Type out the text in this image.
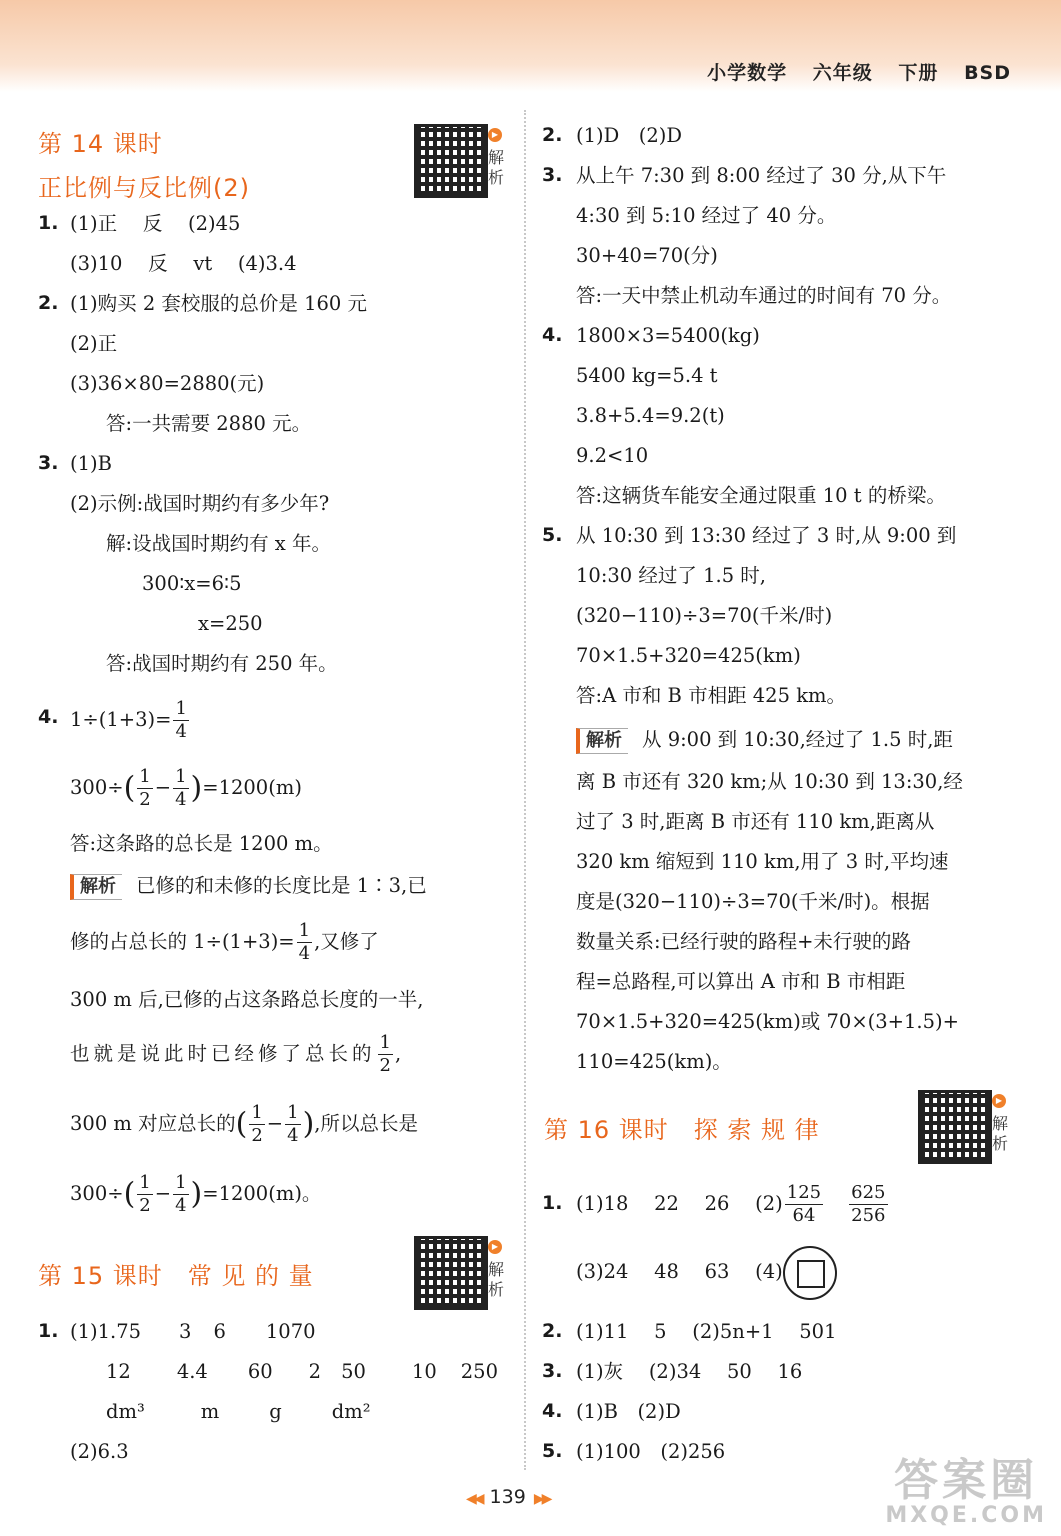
小学数学 六年级 下册 BSD
第 14 课时
正比例与反比例(2)
▶
解析
1. (1)正　 反　 (2)45
(3)10　 反　 vt　 (4)3.4
2. (1)购买 2 套校服的总价是 160 元
(2)正
(3)36×80=2880(元)
答:一共需要 2880 元。
3. (1)B
(2)示例:战国时期约有多少年?
解:设战国时期约有 x 年。
300∶x=6∶5
x=250
答:战国时期约有 250 年。
4. $1\div(1+3)= \frac{1}{4}$
$300\div( \frac{1}{2} - \frac{1}{4} )=1200(m)$
答:这条路的总长是 1200 m。
解析 已修的和未修的长度比是 1∶3,已
修的占总长的 $1\div(1+3)= \frac{1}{4}$ ,又修了
300 m 后,已修的占这条路总长度的一半,
也就是说此时已经修了总长的 $\frac{1}{2}$ ,
300 m 对应总长的( $\frac{1}{2} - \frac{1}{4}$ ),所以总长是
$300\div( \frac{1}{2} - \frac{1}{4} )=1200(m)$。
第 15 课时　常 见 的 量
▶
解析
1. (1)1.75 3 6 1070
12 4.4 60 2 50 10 250
dm³	m	g	dm²
(2)6.3
2. (1)D　(2)D
3. 从上午 7:30 到 8:00 经过了 30 分,从下午
4:30 到 5:10 经过了 40 分。
30+40=70(分)
答:一天中禁止机动车通过的时间有 70 分。
4. 1800×3=5400(kg)
5400 kg=5.4 t
3.8+5.4=9.2(t)
9.2<10
答:这辆货车能安全通过限重 10 t 的桥梁。
5. 从 10:30 到 13:30 经过了 3 时,从 9:00 到
10:30 经过了 1.5 时,
(320−110)÷3=70(千米/时)
70×1.5+320=425(km)
答:A 市和 B 市相距 425 km。
解析 从 9:00 到 10:30,经过了 1.5 时,距
离 B 市还有 320 km;从 10:30 到 13:30,经
过了 3 时,距离 B 市还有 110 km,距离从
320 km 缩短到 110 km,用了 3 时,平均速
度是(320−110)÷3=70(千米/时)。根据
数量关系:已经行驶的路程+未行驶的路
程=总路程,可以算出 A 市和 B 市相距
70×1.5+320=425(km)或 70×(3+1.5)+
110=425(km)。
第 16 课时　探 索 规 律
▶
解析
1. (1)18　 22　 26　 $(2) \frac{125}{64} \frac{625}{256}$
(3)24　 48　 63　 (4)
2. (1)11　 5　 (2)5n+1　 501
3. (1)灰　 (2)34　 50　 16
4. (1)B　(2)D
5. (1)100　(2)256
◀◀ 139 ▶▶	答案圈
MXQE.COM
